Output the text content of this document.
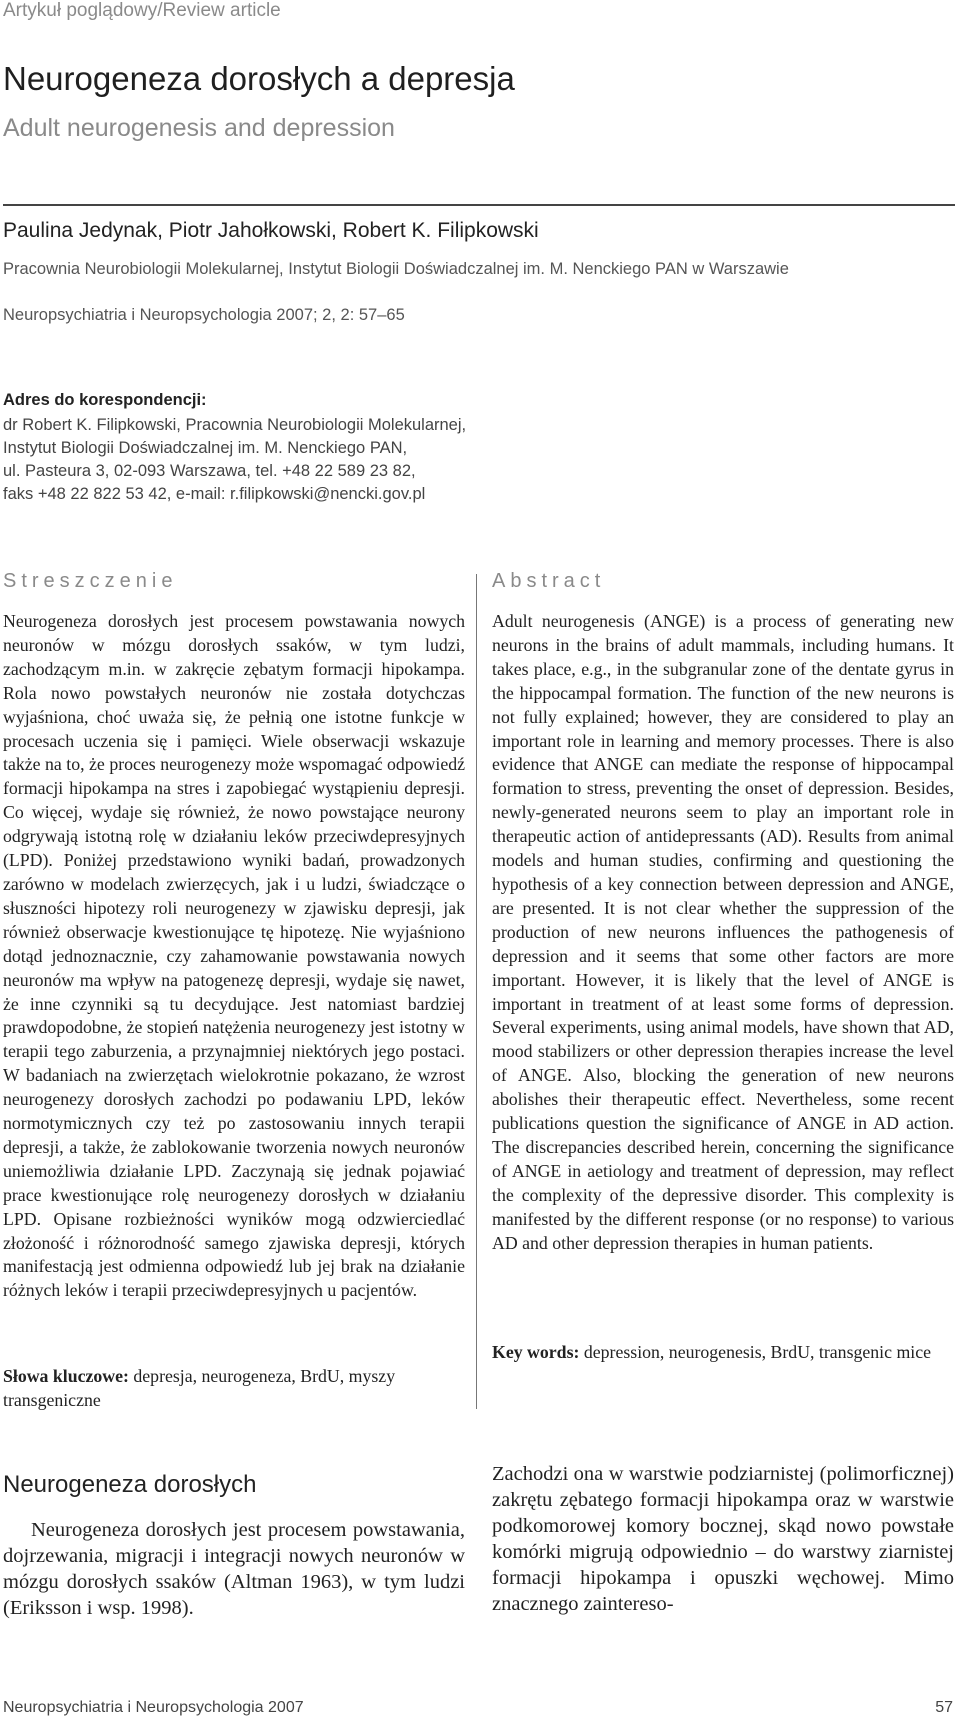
Artykuł poglądowy/Review article
Neurogeneza dorosłych a depresja
Adult neurogenesis and depression
Paulina Jedynak, Piotr Jahołkowski, Robert K. Filipkowski
Pracownia Neurobiologii Molekularnej, Instytut Biologii Doświadczalnej im. M. Nenckiego PAN w Warszawie
Neuropsychiatria i Neuropsychologia 2007; 2, 2: 57–65
Adres do korespondencji:
dr Robert K. Filipkowski, Pracownia Neurobiologii Molekularnej,
Instytut Biologii Doświadczalnej im. M. Nenckiego PAN,
ul. Pasteura 3, 02-093 Warszawa, tel. +48 22 589 23 82,
faks +48 22 822 53 42, e-mail: r.filipkowski@nencki.gov.pl
Streszczenie	Abstract

Neurogeneza dorosłych jest procesem powstawania nowych neuronów w mózgu dorosłych ssaków, w tym ludzi, zachodzącym m.in. w zakręcie zębatym formacji hipokampa. Rola nowo powstałych neuronów nie została dotychczas wyjaśniona, choć uważa się, że pełnią one istotne funkcje w procesach uczenia się i pamięci. Wiele obserwacji wskazuje także na to, że proces neurogenezy może wspomagać odpowiedź formacji hipokampa na stres i zapobiegać wystąpieniu depresji. Co więcej, wydaje się również, że nowo powstające neurony odgrywają istotną rolę w działaniu leków przeciwdepresyjnych (LPD). Poniżej przedstawiono wyniki badań, prowadzonych zarówno w modelach zwierzęcych, jak i u ludzi, świadczące o słuszności hipotezy roli neurogenezy w zjawisku depresji, jak również obserwacje kwestionujące tę hipotezę. Nie wyjaśniono dotąd jednoznacznie, czy zahamowanie powstawania nowych neuronów ma wpływ na patogenezę depresji, wydaje się nawet, że inne czynniki są tu decydujące. Jest natomiast bardziej prawdopodobne, że stopień natężenia neurogenezy jest istotny w terapii tego zaburzenia, a przynajmniej niektórych jego postaci. W badaniach na zwierzętach wielokrotnie pokazano, że wzrost neurogenezy dorosłych zachodzi po podawaniu LPD, leków normotymicznych czy też po zastosowaniu innych terapii depresji, a także, że zablokowanie tworzenia nowych neuronów uniemożliwia działanie LPD. Zaczynają się jednak pojawiać prace kwestionujące rolę neurogenezy dorosłych w działaniu LPD. Opisane rozbieżności wyników mogą odzwierciedlać złożoność i różnorodność samego zjawiska depresji, których manifestacją jest odmienna odpowiedź lub jej brak na działanie różnych leków i terapii przeciwdepresyjnych u pacjentów.

Słowa kluczowe: depresja, neurogeneza, BrdU, myszy transgeniczne

Adult neurogenesis (ANGE) is a process of generating new neurons in the brains of adult mammals, including humans. It takes place, e.g., in the subgranular zone of the dentate gyrus in the hippocampal formation. The function of the new neurons is not fully explained; however, they are considered to play an important role in learning and memory processes. There is also evidence that ANGE can mediate the response of hippocampal formation to stress, preventing the onset of depression. Besides, newly-generated neurons seem to play an important role in therapeutic action of antidepressants (AD). Results from animal models and human studies, confirming and questioning the hypothesis of a key connection between depression and ANGE, are presented. It is not clear whether the suppression of the production of new neurons influences the pathogenesis of depression and it seems that some other factors are more important. However, it is likely that the level of ANGE is important in treatment of at least some forms of depression. Several experiments, using animal models, have shown that AD, mood stabilizers or other depression therapies increase the level of ANGE. Also, blocking the generation of new neurons abolishes their therapeutic effect. Nevertheless, some recent publications question the significance of ANGE in AD action. The discrepancies described herein, concerning the significance of ANGE in aetiology and treatment of depression, may reflect the complexity of the depressive disorder. This complexity is manifested by the different response (or no response) to various AD and other depression therapies in human patients.

Key words: depression, neurogenesis, BrdU, transgenic mice

Neurogeneza dorosłych

Neurogeneza dorosłych jest procesem powstawania, dojrzewania, migracji i integracji nowych neuronów w mózgu dorosłych ssaków (Altman 1963), w tym ludzi (Eriksson i wsp. 1998).

Zachodzi ona w warstwie podziarnistej (polimorficznej) zakrętu zębatego formacji hipokampa oraz w warstwie podkomorowej komory bocznej, skąd nowo powstałe komórki migrują odpowiednio – do warstwy ziarnistej formacji hipokampa i opuszki węchowej. Mimo znacznego zaintereso-

Neuropsychiatria i Neuropsychologia 2007	57
